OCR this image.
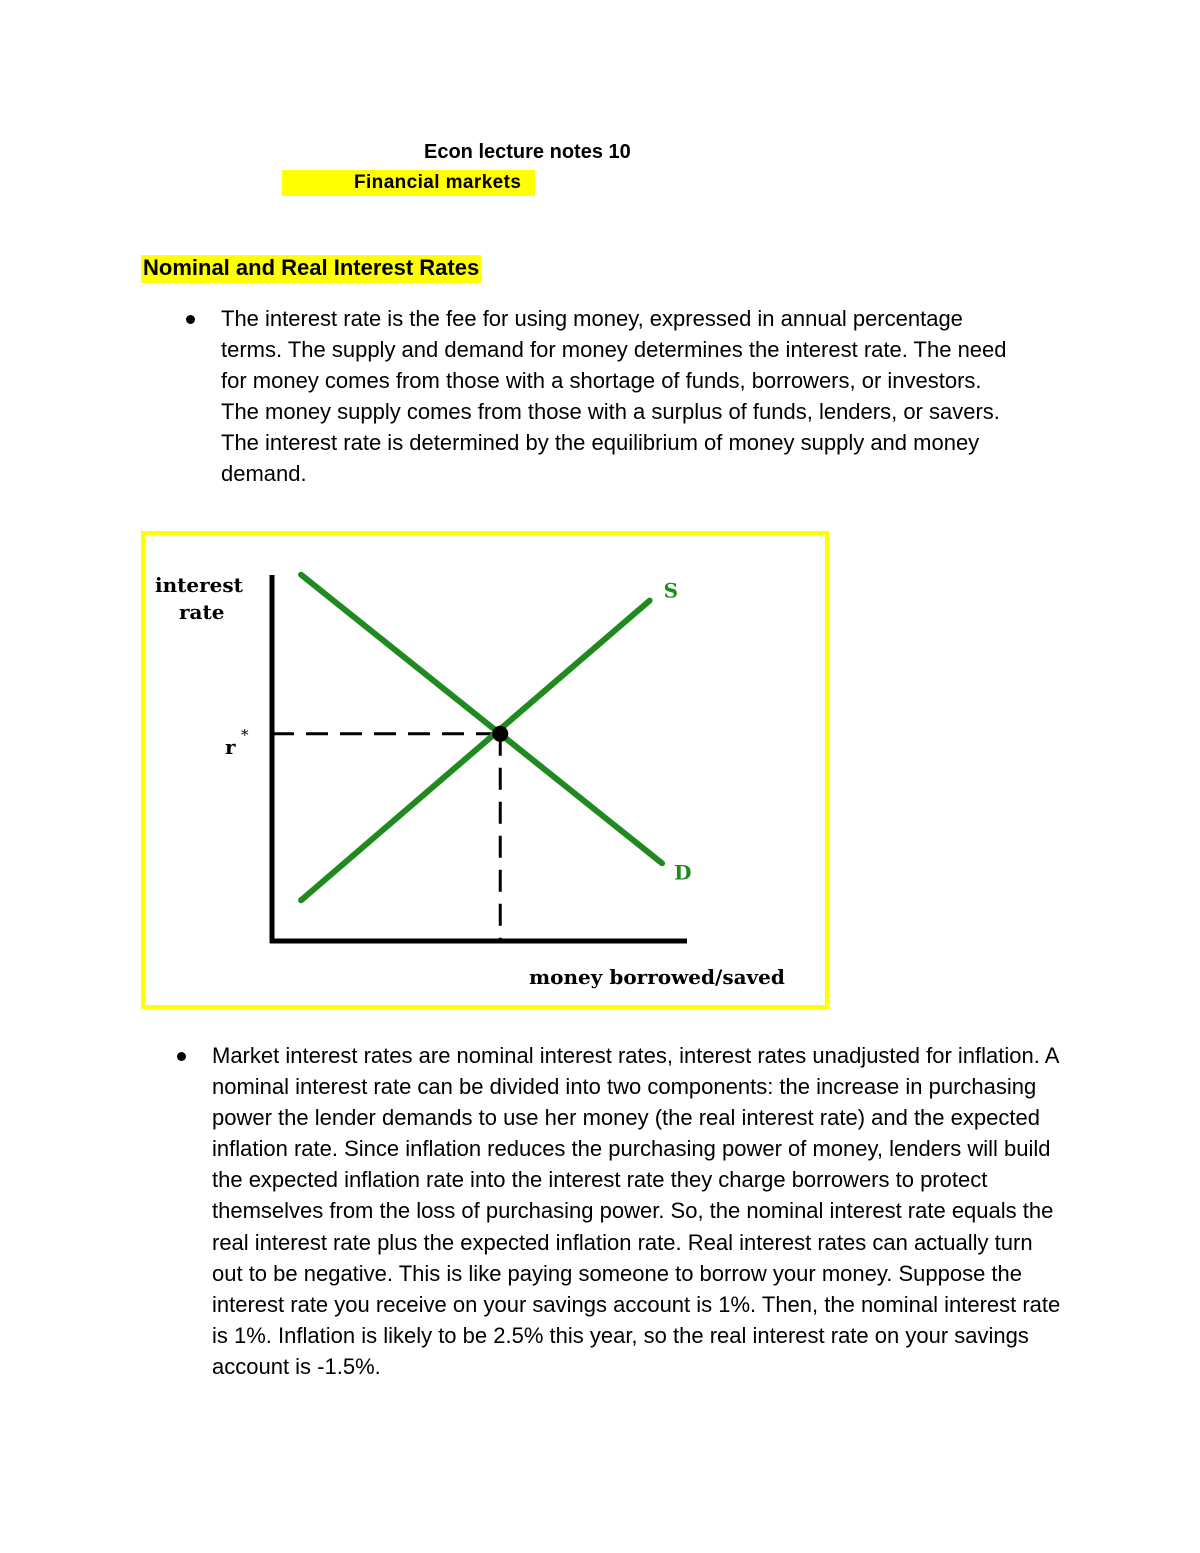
Econ lecture notes 10
Financial markets
Nominal and Real Interest Rates

The interest rate is the fee for using money, expressed in annual percentage terms. The supply and demand for money determines the interest rate. The need for money comes from those with a shortage of funds, borrowers, or investors. The money supply comes from those with a surplus of funds, lenders, or savers. The interest rate is determined by the equilibrium of money supply and money demand.

interest
rate
money borrowed/saved
S
D
r *

Market interest rates are nominal interest rates, interest rates unadjusted for inflation. A nominal interest rate can be divided into two components: the increase in purchasing power the lender demands to use her money (the real interest rate) and the expected inflation rate. Since inflation reduces the purchasing power of money, lenders will build the expected inflation rate into the interest rate they charge borrowers to protect themselves from the loss of purchasing power. So, the nominal interest rate equals the real interest rate plus the expected inflation rate. Real interest rates can actually turn out to be negative. This is like paying someone to borrow your money. Suppose the interest rate you receive on your savings account is 1%. Then, the nominal interest rate is 1%. Inflation is likely to be 2.5% this year, so the real interest rate on your savings account is -1.5%.
